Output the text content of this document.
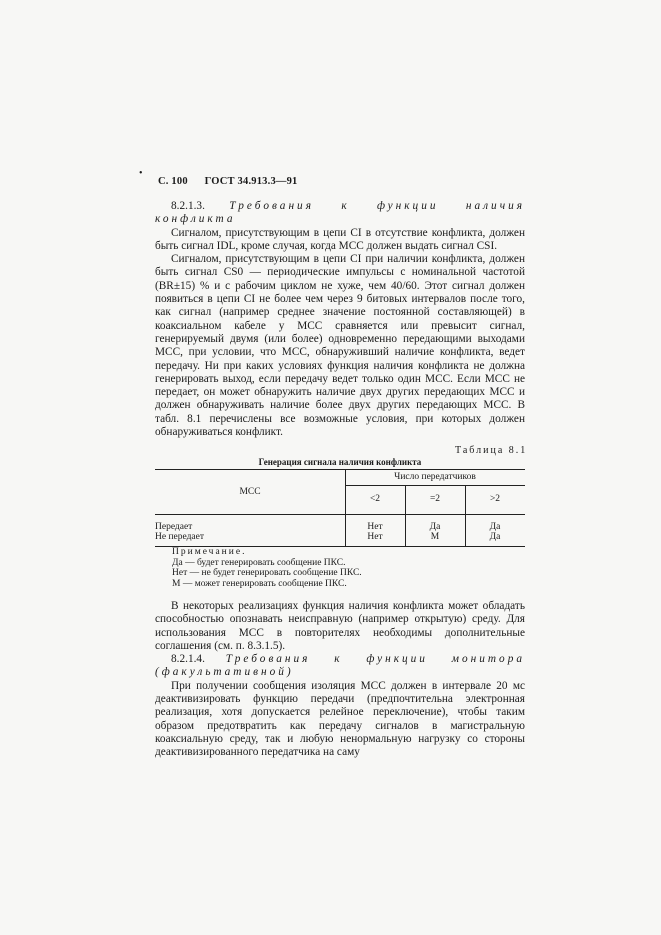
•
С. 100 ГОСТ 34.913.3—91

8.2.1.3. Требования к функции наличия конфликта

Сигналом, присутствующим в цепи CI в отсутствие конфликта, должен быть сигнал IDL, кроме случая, когда МСС должен выдать сигнал CSI.

Сигналом, присутствующим в цепи CI при наличии конфликта, должен быть сигнал CS0 — периодические импульсы с номинальной частотой (BR±15) % и с рабочим циклом не хуже, чем 40/60. Этот сигнал должен появиться в цепи CI не более чем через 9 битовых интервалов после того, как сигнал (например среднее значение постоянной составляющей) в коаксиальном кабеле у МСС сравняется или превысит сигнал, генерируемый двумя (или более) одновременно передающими выходами МСС, при условии, что МСС, обнаруживший наличие конфликта, ведет передачу. Ни при каких условиях функция наличия конфликта не должна генерировать выход, если передачу ведет только один МСС. Если МСС не передает, он может обнаружить наличие двух других передающих МСС и должен обнаруживать наличие более двух других передающих МСС. В табл. 8.1 перечислены все возможные условия, при которых должен обнаруживаться конфликт.

Таблица 8.1
Генерация сигнала наличия конфликта
МСС
Число передатчиков
<2	=2	>2
Передает	Нет	Да	Да
Не передает	Нет	М	Да
Примечание.
Да — будет генерировать сообщение ПКС.
Нет — не будет генерировать сообщение ПКС.
М — может генерировать сообщение ПКС.

В некоторых реализациях функция наличия конфликта может обладать способностью опознавать неисправную (например открытую) среду. Для использования МСС в повторителях необходимы дополнительные соглашения (см. п. 8.3.1.5).

8.2.1.4. Требования к функции монитора (факультативной)

При получении сообщения изоляция МСС должен в интервале 20 мс деактивизировать функцию передачи (предпочтительна электронная реализация, хотя допускается релейное переключение), чтобы таким образом предотвратить как передачу сигналов в магистральную коаксиальную среду, так и любую ненормальную нагрузку со стороны деактивизированного передатчика на саму
